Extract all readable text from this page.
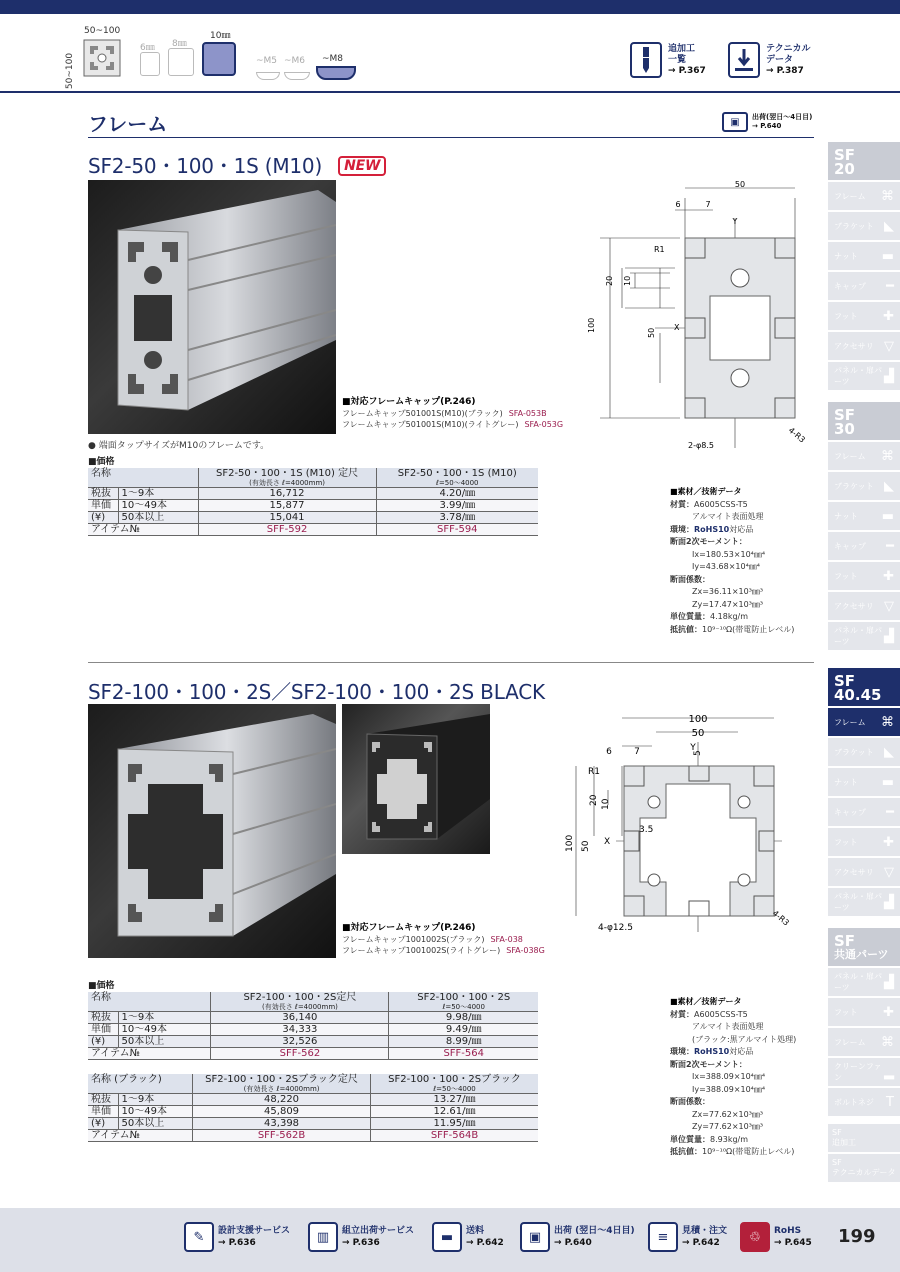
50~100
50~100
6㎜ 8㎜
10㎜
~M5 ~M6 ~M8
追加工
一覧
→ P.367
テクニカル
データ
→ P.387
フレーム	▣	出荷(翌日〜4日目)
→ P.640
SF2-50・100・1S (M10) NEW
■対応フレームキャップ(P.246)
フレームキャップ501001S(M10)(ブラック) SFA-053B
フレームキャップ501001S(M10)(ライトグレー) SFA-053G
● 端面タップサイズがM10のフレームです。
■価格
名称		SF2-50・100・1S (M10) 定尺
(有効長さ ℓ=4000mm)	SF2-50・100・1S (M10)
ℓ=50〜4000

税抜	1〜9本	16,712	4.20/㎜
単価	10〜49本	15,877	3.99/㎜
(¥)	50本以上	15,041	3.78/㎜
アイテム№		SFF-592	SFF-594
50
6	7
Y
R1
20 10
100	50
X
2-φ8.5
4-R3
■素材／技術データ
材質：A6005CSS-T5
アルマイト表面処理
環境：RoHS10対応品
断面2次モーメント：
Ix=180.53×10⁴㎜⁴
Iy=43.68×10⁴㎜⁴
断面係数：
Zx=36.11×10³㎜³
Zy=17.47×10³㎜³
単位質量：4.18kg/m
抵抗値：10⁹⁻¹⁰Ω(帯電防止レベル)
SF2-100・100・2S／SF2-100・100・2S BLACK
■対応フレームキャップ(P.246)
フレームキャップ1001002S(ブラック) SFA-038
フレームキャップ1001002S(ライトグレー) SFA-038G
■価格
名称		SF2-100・100・2S定尺
(有効長さ ℓ=4000mm)	SF2-100・100・2S
ℓ=50〜4000

税抜	1〜9本	36,140	9.98/㎜
単価	10〜49本	34,333	9.49/㎜
(¥)	50本以上	32,526	8.99/㎜
アイテム№		SFF-562	SFF-564
名称 (ブラック)		SF2-100・100・2Sブラック定尺
(有効長さ ℓ=4000mm)	SF2-100・100・2Sブラック
ℓ=50〜4000

税抜	1〜9本	48,220	13.27/㎜
単価	10〜49本	45,809	12.61/㎜
(¥)	50本以上	43,398	11.95/㎜
アイテム№		SFF-562B	SFF-564B
100
50
Y
6 7	5
R1
20 10
3.5
50
100	X
4-φ12.5
4-R3
■素材／技術データ
材質：A6005CSS-T5
アルマイト表面処理
(ブラック:黒アルマイト処理)
環境：RoHS10対応品
断面2次モーメント：
Ix=388.09×10⁴㎜⁴
Iy=388.09×10⁴㎜⁴
断面係数：
Zx=77.62×10³㎜³
Zy=77.62×10³㎜³
単位質量：8.93kg/m
抵抗値：10⁹⁻¹⁰Ω(帯電防止レベル)
SF
20
フレーム ⌘
ブラケット ◣
ナット ▬
キャップ ━
フット ✚
アクセサリ ▽
パネル・扉パーツ	▟
SF
30
フレーム ⌘
ブラケット ◣
ナット ▬
キャップ ━
フット ✚
アクセサリ ▽
パネル・扉パーツ	▟
SF
40.45
フレーム ⌘
ブラケット ◣
ナット ▬
キャップ ━
フット ✚
アクセサリ ▽
パネル・扉パーツ	▟
SF
共通パーツ
パネル・扉パーツ	▟
フット ✚
フレーム ⌘
クリーンファン	▂
ボルトネジ T
SF
追加工
SF
テクニカルデータ
✎	設計支援サービス
→ P.636	▥	組立出荷サービス
→ P.636	▬	送料
→ P.642	▣	出荷 (翌日〜4日目)
→ P.640	≡	見積・注文
→ P.642	♲	RoHS
→ P.645 199
